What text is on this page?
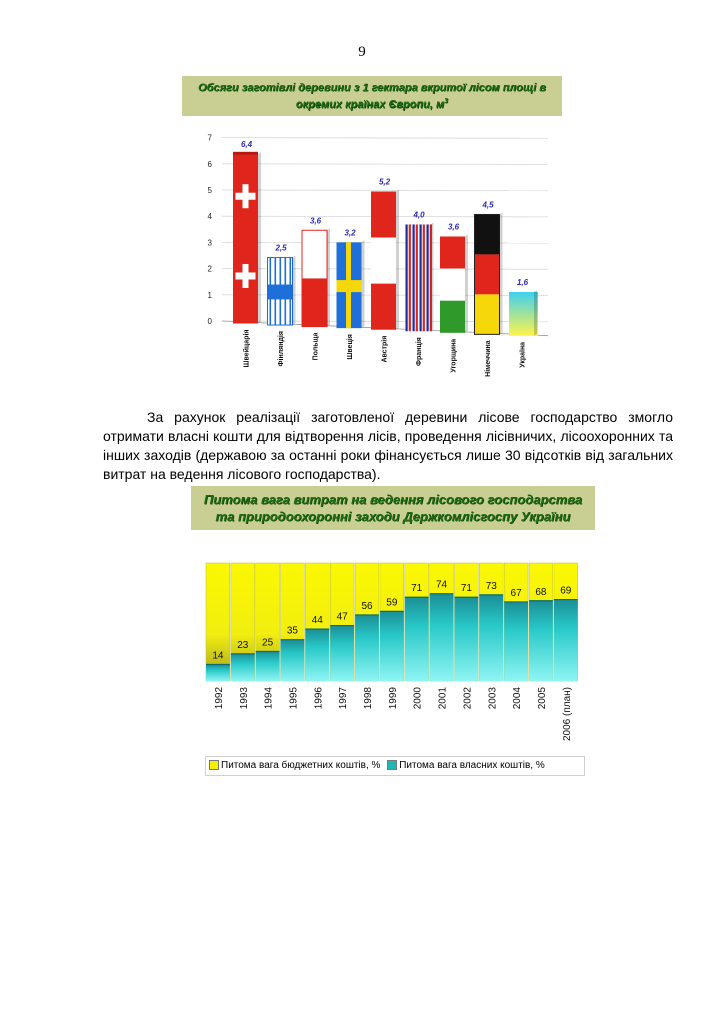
9
Обсяги заготівлі деревини з 1 гектара вкритої лісом площі в
окремих країнах Європи, $м^3$
0
1
2
3
4
5
6
7
6,4
Швейцарія
2,5
Фінляндія
3,6
Польща
3,2
Швеція
5,2
Австрія
4,0
Франція
3,6
Угорщина
4,5
Німеччина
1,6
Україна
За рахунок реалізації заготовленої деревини лісове господарство змогло отримати власні кошти для відтворення лісів, проведення лісівничих, лісоохоронних та інших заходів (державою за останні роки фінансується лише 30 відсотків від загальних витрат на ведення лісового господарства).
Питома вага витрат на ведення лісового господарства
та природоохоронні заходи Держкомлісгоспу України
14
1992
23
1993
25
1994
35
1995
44
1996
47
1997
56
1998
59
1999
71
2000
74
2001
71
2002
73
2003
67
2004
68
2005
69
2006 (план)
Питома вага бюджетних коштів, % Питома вага власних коштів, %
